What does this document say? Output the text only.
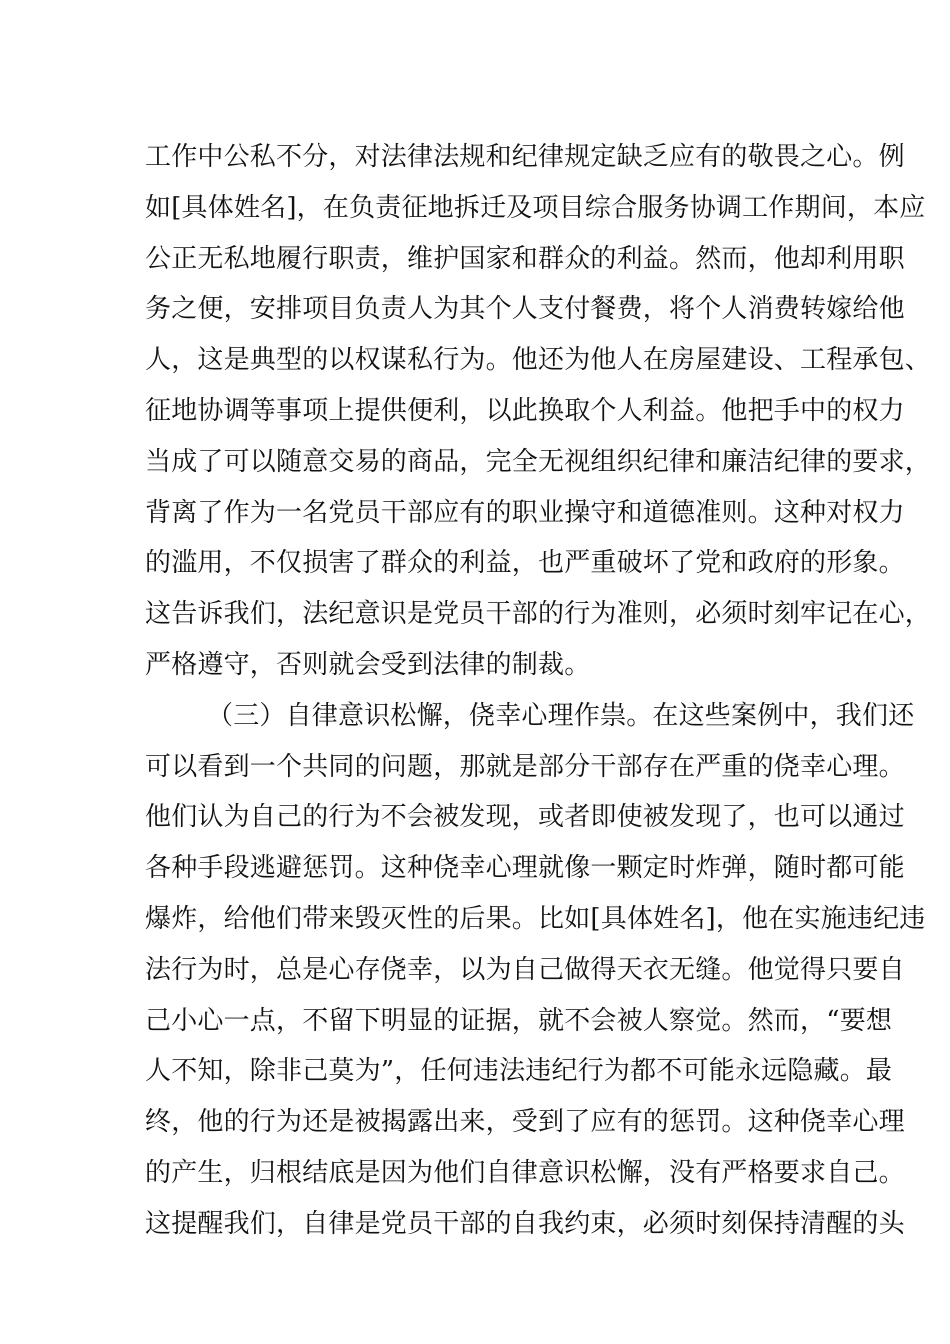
工作中公私不分，对法律法规和纪律规定缺乏应有的敬畏之心。例
如[具体姓名]，在负责征地拆迁及项目综合服务协调工作期间，本应
公正无私地履行职责，维护国家和群众的利益。然而，他却利用职
务之便，安排项目负责人为其个人支付餐费，将个人消费转嫁给他
人，这是典型的以权谋私行为。他还为他人在房屋建设、工程承包、
征地协调等事项上提供便利，以此换取个人利益。他把手中的权力
当成了可以随意交易的商品，完全无视组织纪律和廉洁纪律的要求，
背离了作为一名党员干部应有的职业操守和道德准则。这种对权力
的滥用，不仅损害了群众的利益，也严重破坏了党和政府的形象。
这告诉我们，法纪意识是党员干部的行为准则，必须时刻牢记在心，
严格遵守，否则就会受到法律的制裁。
（三）自律意识松懈，侥幸心理作祟。在这些案例中，我们还
可以看到一个共同的问题，那就是部分干部存在严重的侥幸心理。
他们认为自己的行为不会被发现，或者即使被发现了，也可以通过
各种手段逃避惩罚。这种侥幸心理就像一颗定时炸弹，随时都可能
爆炸，给他们带来毁灭性的后果。比如[具体姓名]，他在实施违纪违
法行为时，总是心存侥幸，以为自己做得天衣无缝。他觉得只要自
己小心一点，不留下明显的证据，就不会被人察觉。然而，“要想
人不知，除非己莫为”，任何违法违纪行为都不可能永远隐藏。最
终，他的行为还是被揭露出来，受到了应有的惩罚。这种侥幸心理
的产生，归根结底是因为他们自律意识松懈，没有严格要求自己。
这提醒我们，自律是党员干部的自我约束，必须时刻保持清醒的头
